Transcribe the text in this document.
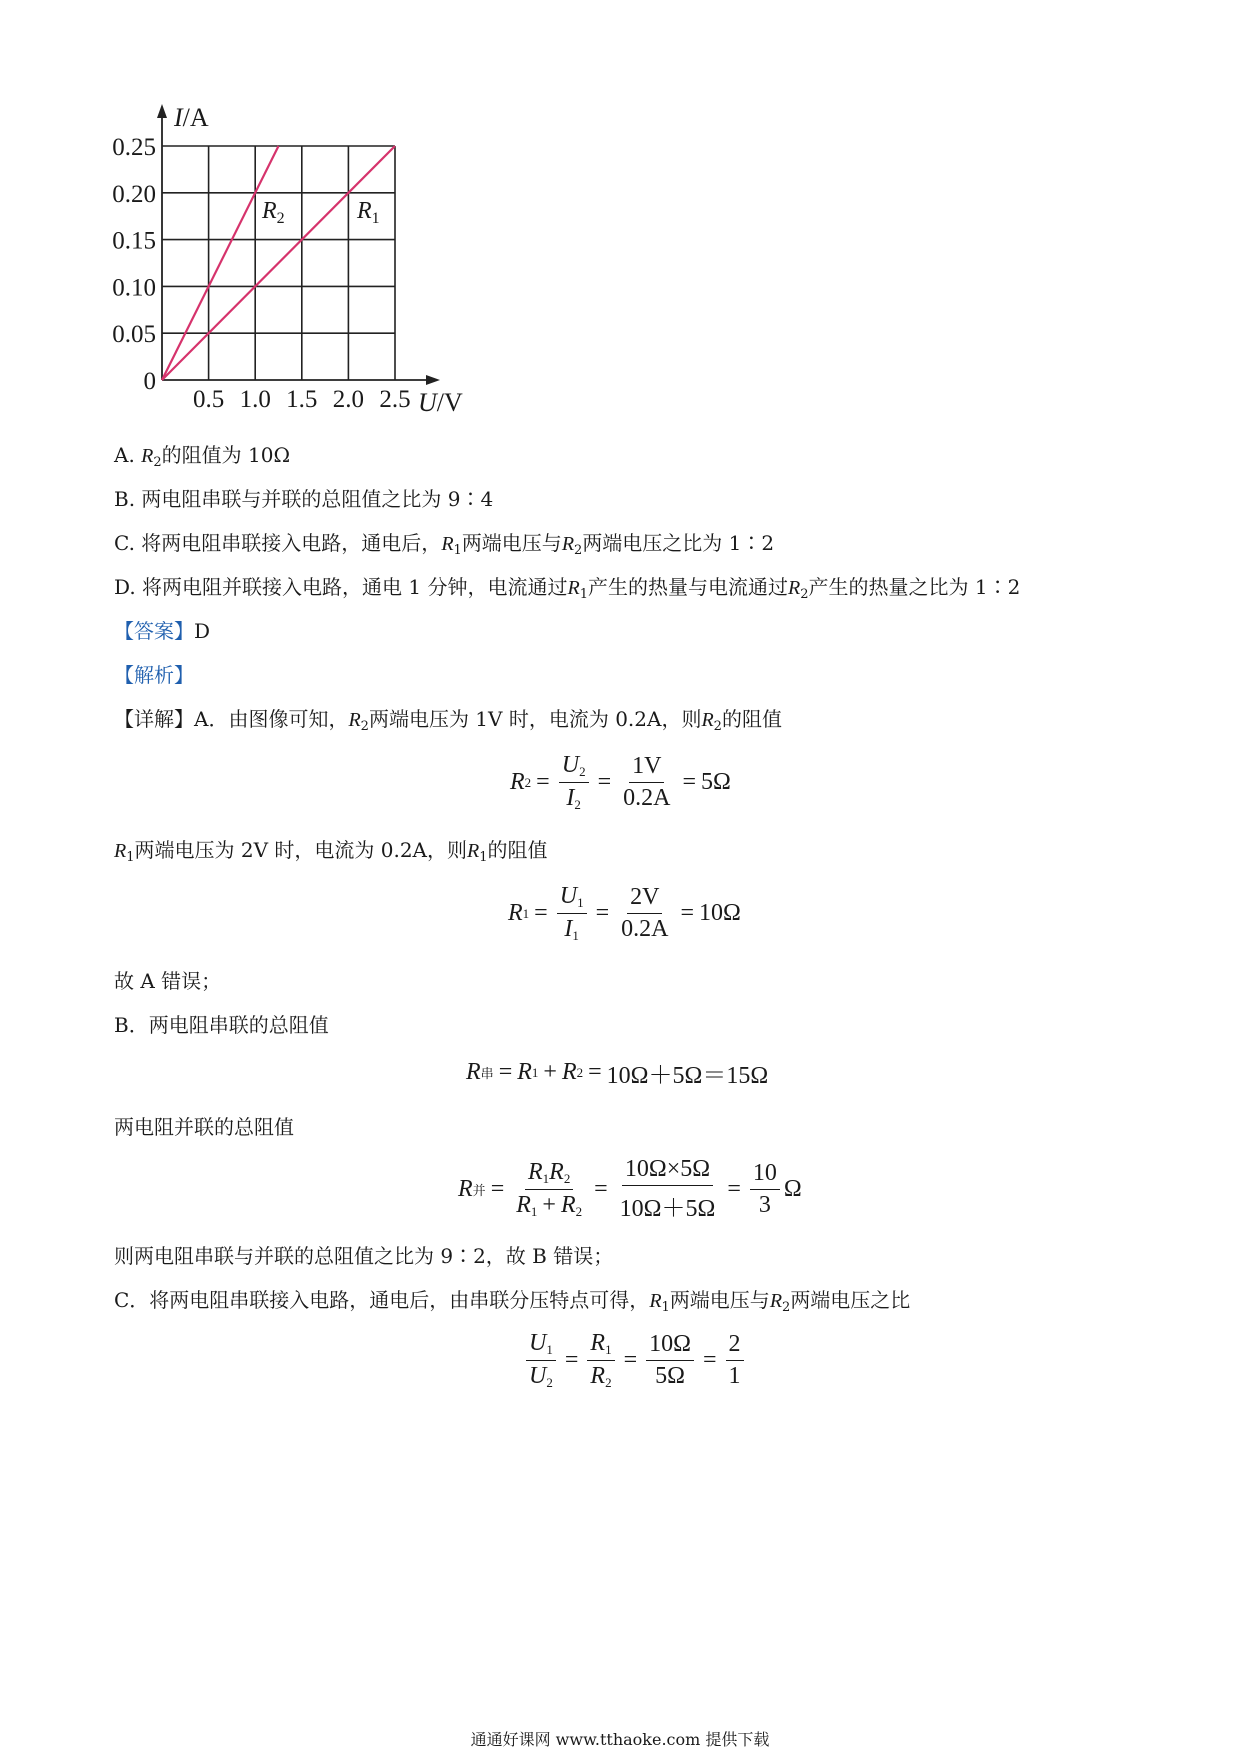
$R_2$	$R_1$
0.25
0.20
0.15
0.10
0.05
0
0.5 1.0 1.5 2.0 2.5
I/A
U/V
A. $R_2$的阻值为 10Ω
B. 两电阻串联与并联的总阻值之比为 9∶4
C. 将两电阻串联接入电路，通电后，$R_1$两端电压与$R_2$两端电压之比为 1∶2
D. 将两电阻并联接入电路，通电 1 分钟，电流通过$R_1$产生的热量与电流通过$R_2$产生的热量之比为 1∶2
【答案】D
【解析】
【详解】A．由图像可知，$R_2$两端电压为 1V 时，电流为 0.2A，则$R_2$的阻值
R $2 = \frac{U_2}{I_2} = \frac{1V}{0.2A} = 5\Omega$
$R_1$两端电压为 2V 时，电流为 0.2A，则$R_1$的阻值
R $1 = \frac{U_1}{I_1} = \frac{2V}{0.2A} = 10\Omega$
故 A 错误；
B．两电阻串联的总阻值
R 串 = R 1 + R 2 = 10Ω＋5Ω＝15Ω
两电阻并联的总阻值
R 并 = $\frac{R_1R_2}{R_1 + R_2} = \frac{10\Omega\times 5\Omega}{10\Omega+5\Omega} = \frac{10}{3}$ Ω
则两电阻串联与并联的总阻值之比为 9∶2，故 B 错误；
C．将两电阻串联接入电路，通电后，由串联分压特点可得，$R_1$两端电压与$R_2$两端电压之比
$\frac{U_1}{U_2} = \frac{R_1}{R_2} = \frac{10\Omega}{5\Omega} = \frac{2}{1}$
通通好课网 www.tthaoke.com 提供下载
